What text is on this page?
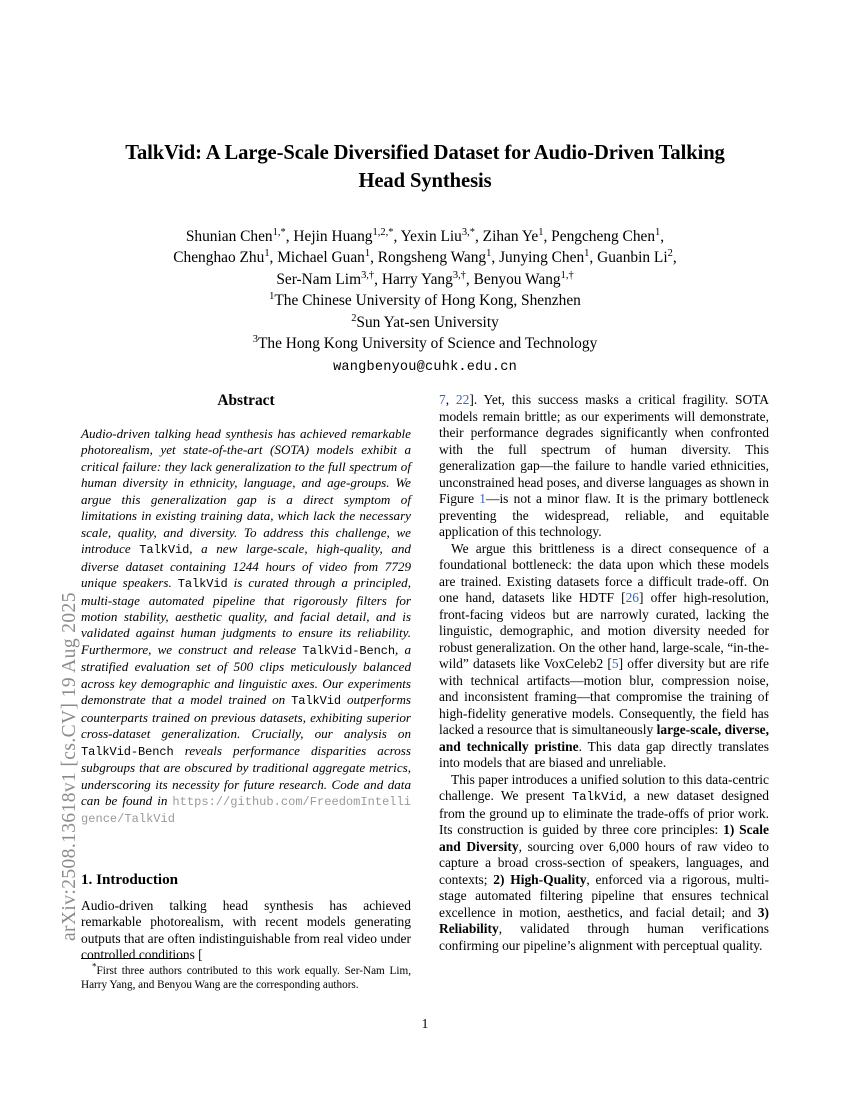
arXiv:2508.13618v1 [cs.CV] 19 Aug 2025
TalkVid: A Large-Scale Diversified Dataset for Audio-Driven Talking Head Synthesis
Shunian Chen$^{1,*}$, Hejin Huang$^{1,2,*}$, Yexin Liu$^{3,*}$, Zihan Ye$^1$, Pengcheng Chen$^1$,
Chenghao Zhu$^1$, Michael Guan$^1$, Rongsheng Wang$^1$, Junying Chen$^1$, Guanbin Li$^2$,
Ser-Nam Lim$^{3,\dagger}$, Harry Yang$^{3,\dagger}$, Benyou Wang$^{1,\dagger}$
$^1$The Chinese University of Hong Kong, Shenzhen
$^2$Sun Yat-sen University
$^3$The Hong Kong University of Science and Technology
wangbenyou@cuhk.edu.cn
Abstract

Audio-driven talking head synthesis has achieved remarkable photorealism, yet state-of-the-art (SOTA) models exhibit a critical failure: they lack generalization to the full spectrum of human diversity in ethnicity, language, and age-groups. We argue this generalization gap is a direct symptom of limitations in existing training data, which lack the necessary scale, quality, and diversity. To address this challenge, we introduce TalkVid, a new large-scale, high-quality, and diverse dataset containing 1244 hours of video from 7729 unique speakers. TalkVid is curated through a principled, multi-stage automated pipeline that rigorously filters for motion stability, aesthetic quality, and facial detail, and is validated against human judgments to ensure its reliability. Furthermore, we construct and release TalkVid-Bench, a stratified evaluation set of 500 clips meticulously balanced across key demographic and linguistic axes. Our experiments demonstrate that a model trained on TalkVid outperforms counterparts trained on previous datasets, exhibiting superior cross-dataset generalization. Crucially, our analysis on TalkVid-Bench reveals performance disparities across subgroups that are obscured by traditional aggregate metrics, underscoring its necessity for future research. Code and data can be found in https://github.com/FreedomIntelligence/TalkVid

1. Introduction

Audio-driven talking head synthesis has achieved remarkable photorealism, with recent models generating outputs that are often indistinguishable from real video under controlled conditions [

7, 22]. Yet, this success masks a critical fragility. SOTA models remain brittle; as our experiments will demonstrate, their performance degrades significantly when confronted with the full spectrum of human diversity. This generalization gap—the failure to handle varied ethnicities, unconstrained head poses, and diverse languages as shown in Figure 1—is not a minor flaw. It is the primary bottleneck preventing the widespread, reliable, and equitable application of this technology.

We argue this brittleness is a direct consequence of a foundational bottleneck: the data upon which these models are trained. Existing datasets force a difficult trade-off. On one hand, datasets like HDTF [26] offer high-resolution, front-facing videos but are narrowly curated, lacking the linguistic, demographic, and motion diversity needed for robust generalization. On the other hand, large-scale, “in-the-wild” datasets like VoxCeleb2 [5] offer diversity but are rife with technical artifacts—motion blur, compression noise, and inconsistent framing—that compromise the training of high-fidelity generative models. Consequently, the field has lacked a resource that is simultaneously large-scale, diverse, and technically pristine. This data gap directly translates into models that are biased and unreliable.

This paper introduces a unified solution to this data-centric challenge. We present TalkVid, a new dataset designed from the ground up to eliminate the trade-offs of prior work. Its construction is guided by three core principles: 1) Scale and Diversity, sourcing over 6,000 hours of raw video to capture a broad cross-section of speakers, languages, and contexts; 2) High-Quality, enforced via a rigorous, multi-stage automated filtering pipeline that ensures technical excellence in motion, aesthetics, and facial detail; and 3) Reliability, validated through human verifications confirming our pipeline’s alignment with perceptual quality.

*First three authors contributed to this work equally. Ser-Nam Lim, Harry Yang, and Benyou Wang are the corresponding authors.

1
